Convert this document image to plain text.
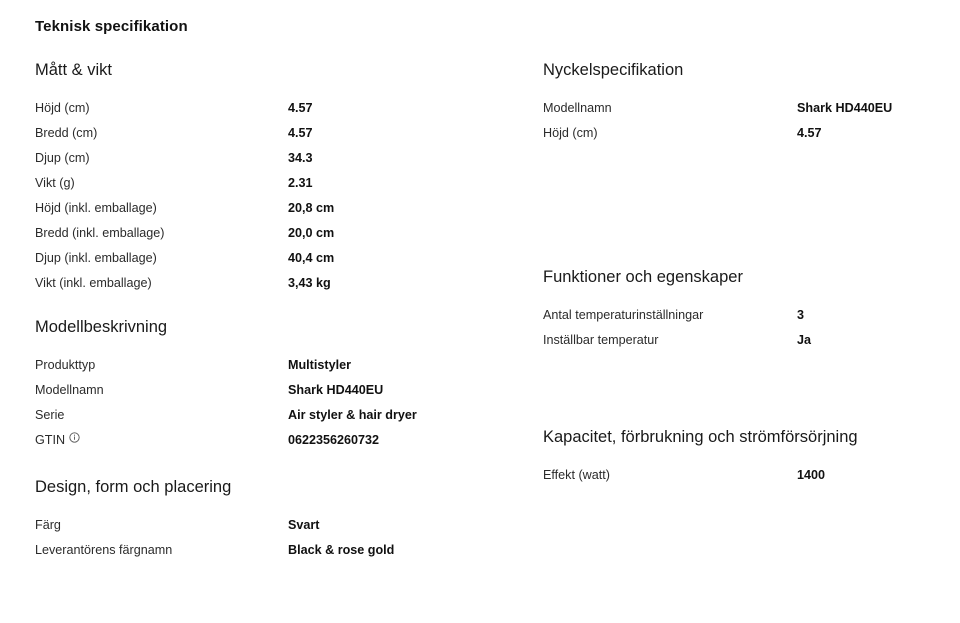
Teknisk specifikation
Mått & vikt
Höjd (cm)	4.57
Bredd (cm)	4.57
Djup (cm)	34.3
Vikt (g)	2.31
Höjd (inkl. emballage)	20,8 cm
Bredd (inkl. emballage)	20,0 cm
Djup (inkl. emballage)	40,4 cm
Vikt (inkl. emballage)	3,43 kg
Modellbeskrivning
Produkttyp	Multistyler
Modellnamn	Shark HD440EU
Serie	Air styler & hair dryer
GTIN	0622356260732
Design, form och placering
Färg	Svart
Leverantörens färgnamn	Black & rose gold
Nyckelspecifikation
Modellnamn	Shark HD440EU
Höjd (cm)	4.57
Funktioner och egenskaper
Antal temperaturinställningar	3
Inställbar temperatur	Ja
Kapacitet, förbrukning och strömförsörjning
Effekt (watt)	1400
